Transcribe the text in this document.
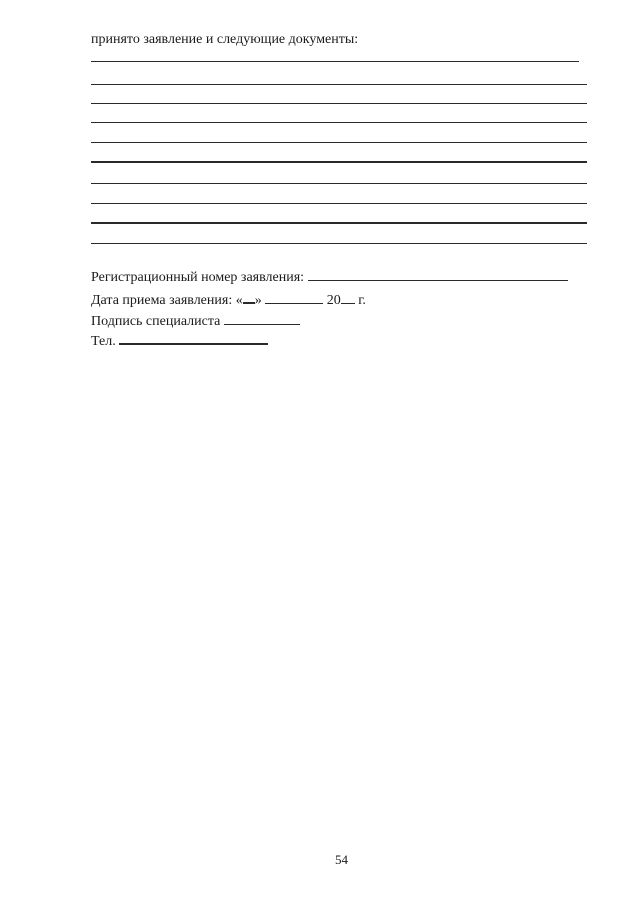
принято заявление и следующие документы:
Регистрационный номер заявления:
Дата приема заявления: « »	20 г.
Подпись специалиста
Тел.
54
